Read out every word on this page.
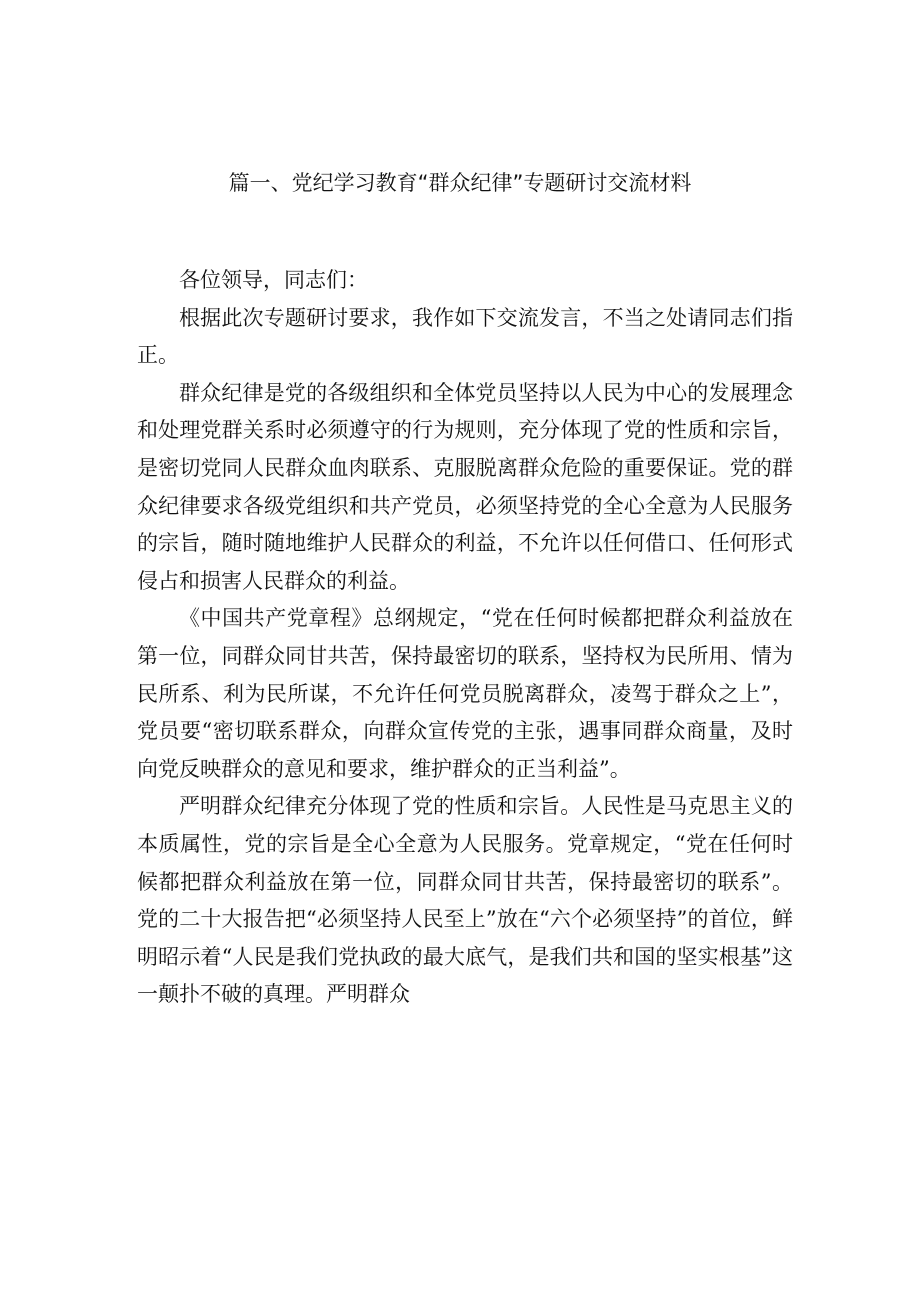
篇一、党纪学习教育“群众纪律”专题研讨交流材料

各位领导，同志们：

根据此次专题研讨要求，我作如下交流发言，不当之处请同志们指正。

群众纪律是党的各级组织和全体党员坚持以人民为中心的发展理念和处理党群关系时必须遵守的行为规则，充分体现了党的性质和宗旨，是密切党同人民群众血肉联系、克服脱离群众危险的重要保证。党的群众纪律要求各级党组织和共产党员，必须坚持党的全心全意为人民服务的宗旨，随时随地维护人民群众的利益，不允许以任何借口、任何形式侵占和损害人民群众的利益。

《中国共产党章程》总纲规定，“党在任何时候都把群众利益放在第一位，同群众同甘共苦，保持最密切的联系，坚持权为民所用、情为民所系、利为民所谋，不允许任何党员脱离群众，凌驾于群众之上”，党员要“密切联系群众，向群众宣传党的主张，遇事同群众商量，及时向党反映群众的意见和要求，维护群众的正当利益”。

严明群众纪律充分体现了党的性质和宗旨。人民性是马克思主义的本质属性，党的宗旨是全心全意为人民服务。党章规定，“党在任何时候都把群众利益放在第一位，同群众同甘共苦，保持最密切的联系”。党的二十大报告把“必须坚持人民至上”放在“六个必须坚持”的首位，鲜明昭示着“人民是我们党执政的最大底气，是我们共和国的坚实根基”这一颠扑不破的真理。严明群众
